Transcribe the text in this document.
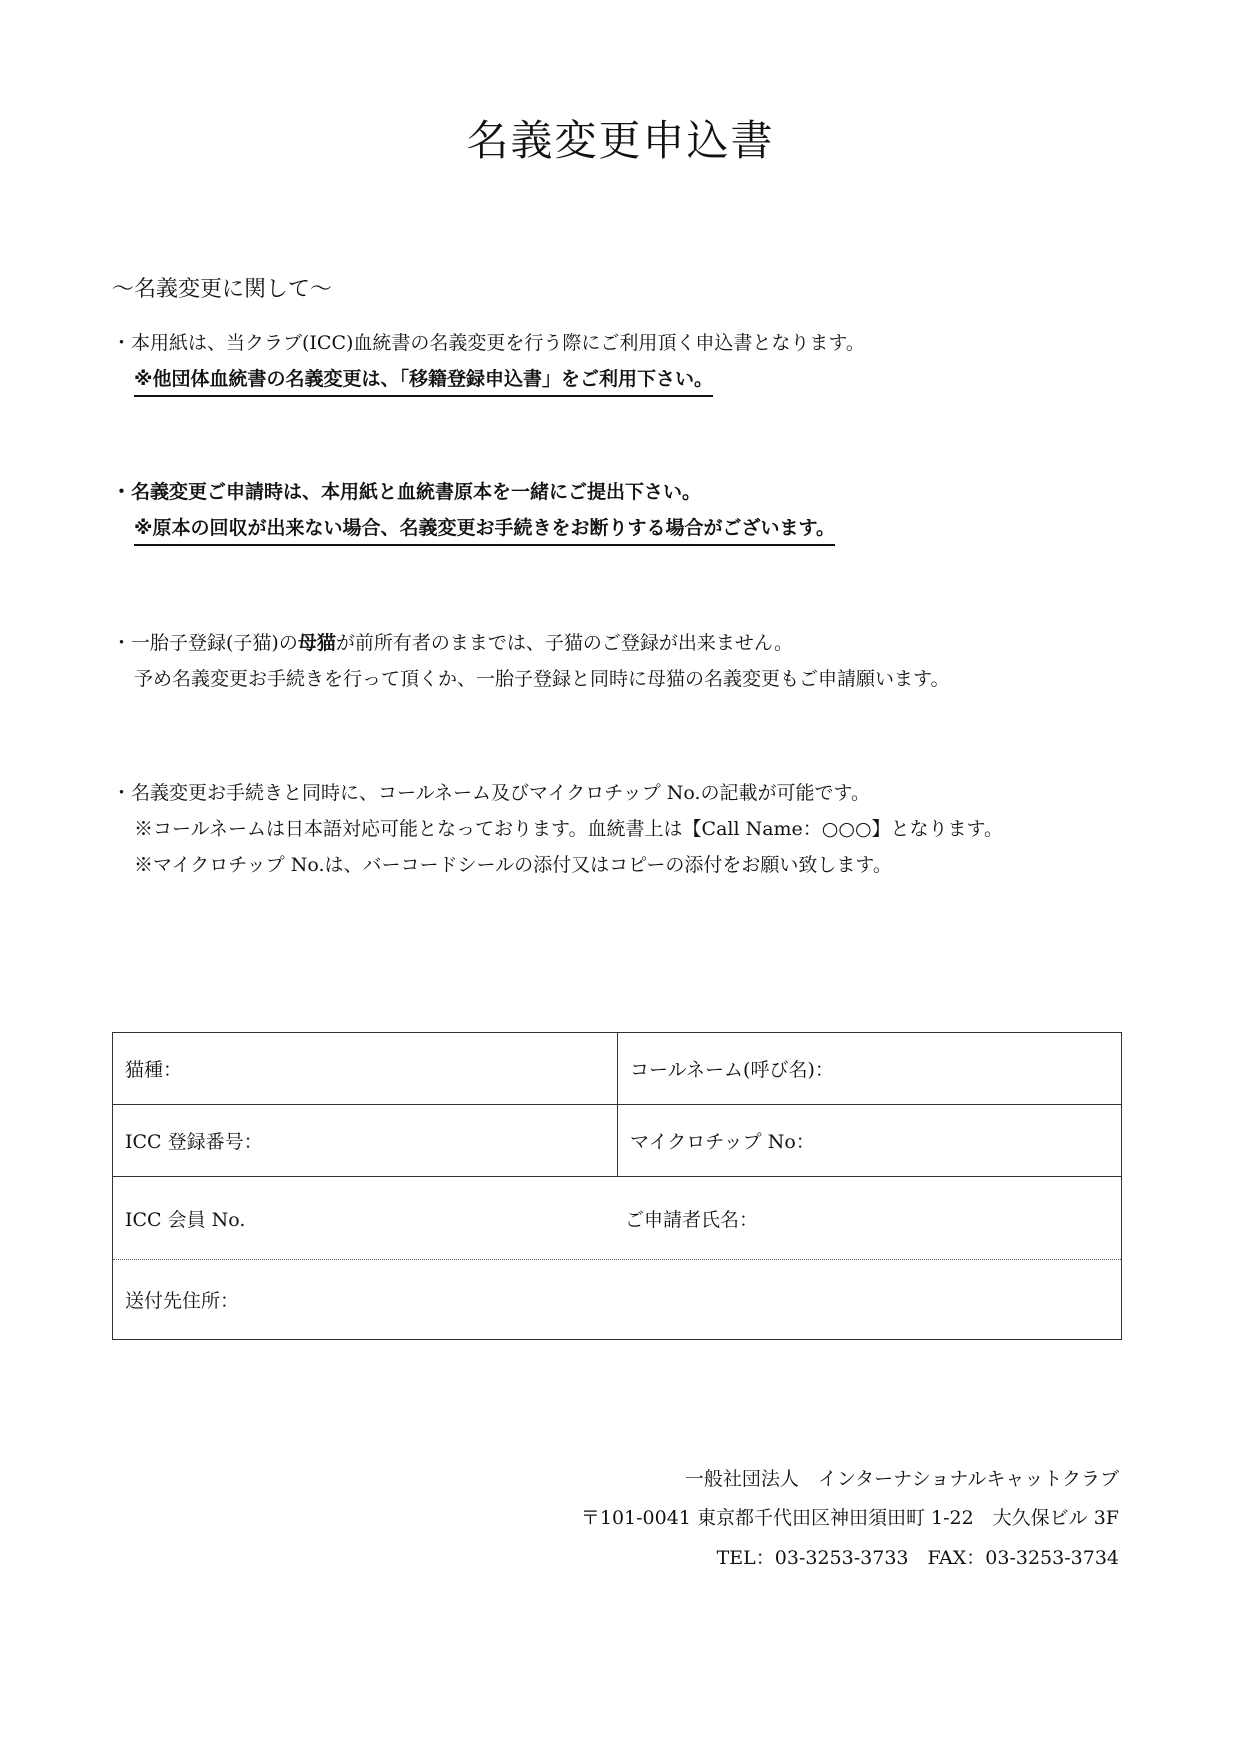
名義変更申込書
〜名義変更に関して〜
・本用紙は、当クラブ(ICC)血統書の名義変更を行う際にご利用頂く申込書となります。
※他団体血統書の名義変更は、「移籍登録申込書」をご利用下さい。
・名義変更ご申請時は、本用紙と血統書原本を一緒にご提出下さい。
※原本の回収が出来ない場合、名義変更お手続きをお断りする場合がございます。
・一胎子登録(子猫)の母猫が前所有者のままでは、子猫のご登録が出来ません。
予め名義変更お手続きを行って頂くか、一胎子登録と同時に母猫の名義変更もご申請願います。
・名義変更お手続きと同時に、コールネーム及びマイクロチップ No.の記載が可能です。
※コールネームは日本語対応可能となっております。血統書上は【Call Name：○○○】となります。
※マイクロチップ No.は、バーコードシールの添付又はコピーの添付をお願い致します。
猫種：	コールネーム(呼び名)：
ICC 登録番号：	マイクロチップ No：
ICC 会員 No.	ご申請者氏名：
送付先住所：
一般社団法人　インターナショナルキャットクラブ
〒101-0041 東京都千代田区神田須田町 1-22　大久保ビル 3F
TEL：03-3253-3733　FAX：03-3253-3734
